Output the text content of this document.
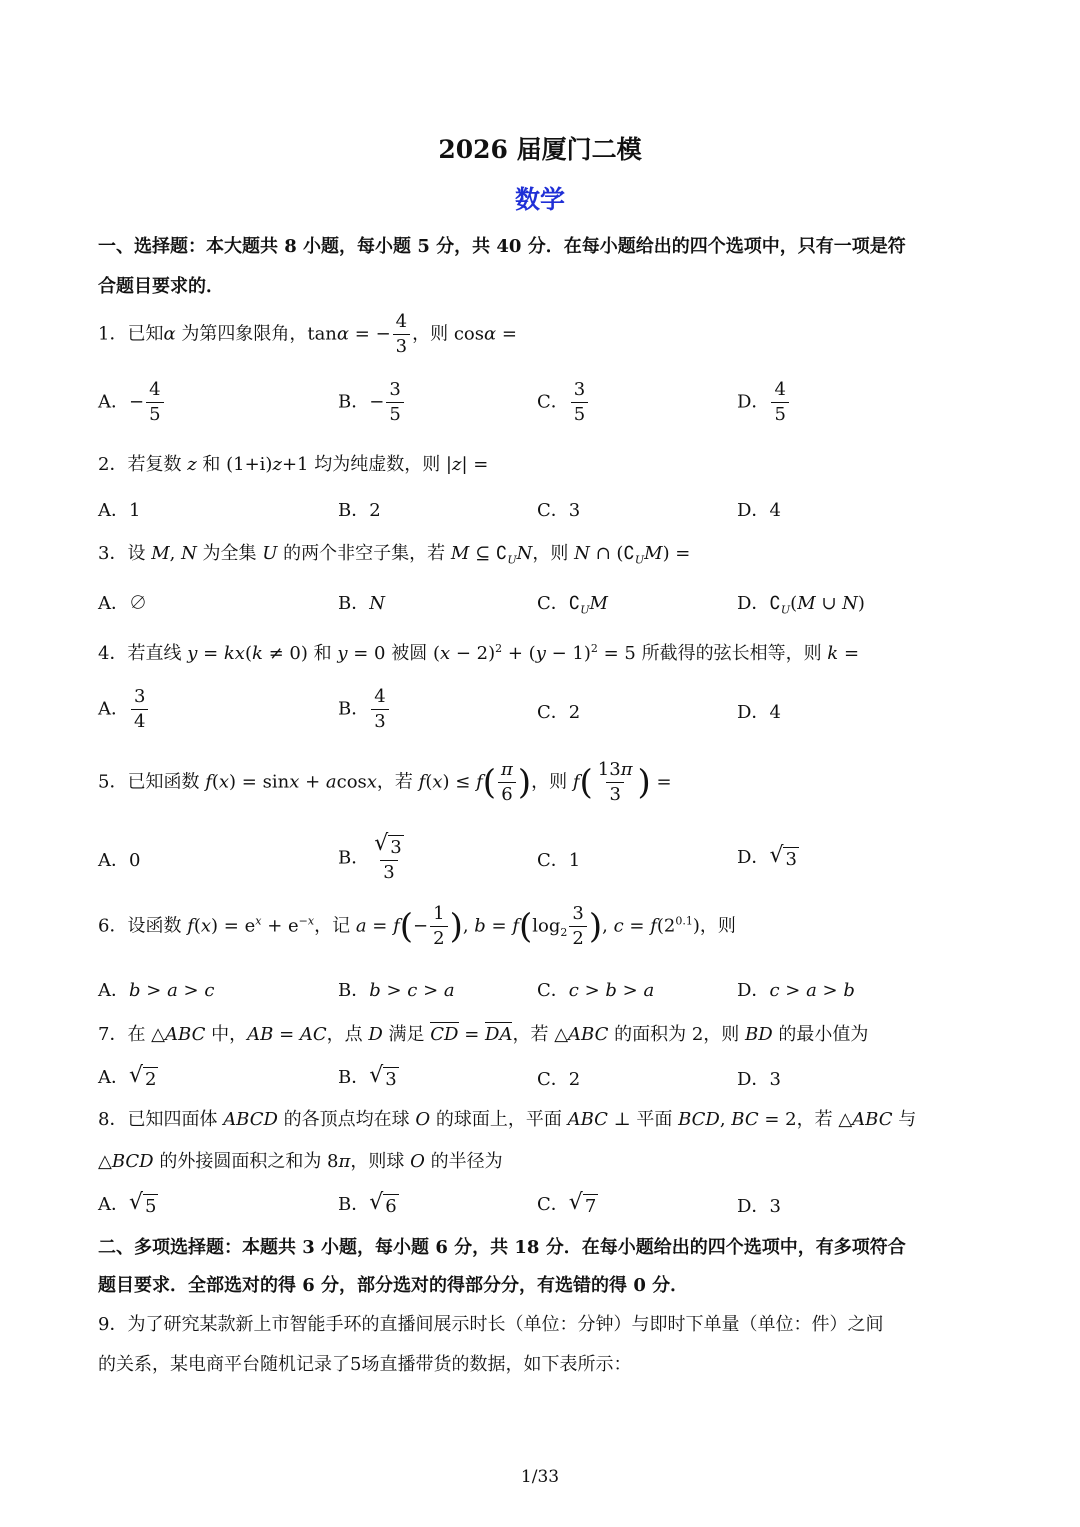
2026 届厦门二模
数学
一、选择题：本大题共 8 小题，每小题 5 分，共 40 分．在每小题给出的四个选项中，只有一项是符
合题目要求的．
1．已知α 为第四象限角，tanα = − $\frac{4}{3}$ ，则 cosα =
A．− $\frac{4}{5}$	B．− $\frac{3}{5}$	C． $\frac{3}{5}$	D． $\frac{4}{5}$
2．若复数 z 和 (1+i)z+1 均为纯虚数，则 |z| =
A．1	B．2	C．3	D．4
3．设 M, N 为全集 U 的两个非空子集，若 M ⊆ $∁_UN$，则 N ∩ $(∁_UM)$ =
A．∅	B．N	C．$∁_UM$	D．$∁_U(M$ ∪ N)
4．若直线 y = kx(k ≠ 0) 和 y = 0 被圆 $(x - 2)^2 + (y - 1)^2 = 5$ 所截得的弦长相等，则 k =
A． $\frac{3}{4}$	B． $\frac{4}{3}$	C．2	D．4
5．已知函数 f(x) = sinx + acosx，若 $f(x) \le f( \frac{\pi}{6}$ )，则 $f( \frac{13\pi}{3}$ ) =
A．0	B． $\frac{√ 3}{3}$	C．1	D． √ 3
6．设函数 $f(x) = e^x + e^{-x}$，记 $a = f(- \frac{1}{2}$ ), $b = f(\log_2 \frac{3}{2}$ ), $c = f(2^{0.1})$，则
A．b > a > c	B．b > c > a	C．c > b > a	D．c > a > b
7．在 △ABC 中，AB = AC，点 D 满足 CD = DA，若 △ABC 的面积为 2，则 BD 的最小值为
A． √ 2	B． √ 3	C．2	D．3
8．已知四面体 ABCD 的各顶点均在球 O 的球面上，平面 ABC ⊥ 平面 BCD, BC = 2，若 △ABC 与
△BCD 的外接圆面积之和为 8π，则球 O 的半径为
A． √ 5	B． √ 6	C． √ 7	D．3
二、多项选择题：本题共 3 小题，每小题 6 分，共 18 分．在每小题给出的四个选项中，有多项符合
题目要求．全部选对的得 6 分，部分选对的得部分分，有选错的得 0 分．
9．为了研究某款新上市智能手环的直播间展示时长（单位：分钟）与即时下单量（单位：件）之间
的关系，某电商平台随机记录了5场直播带货的数据，如下表所示：
1/33
